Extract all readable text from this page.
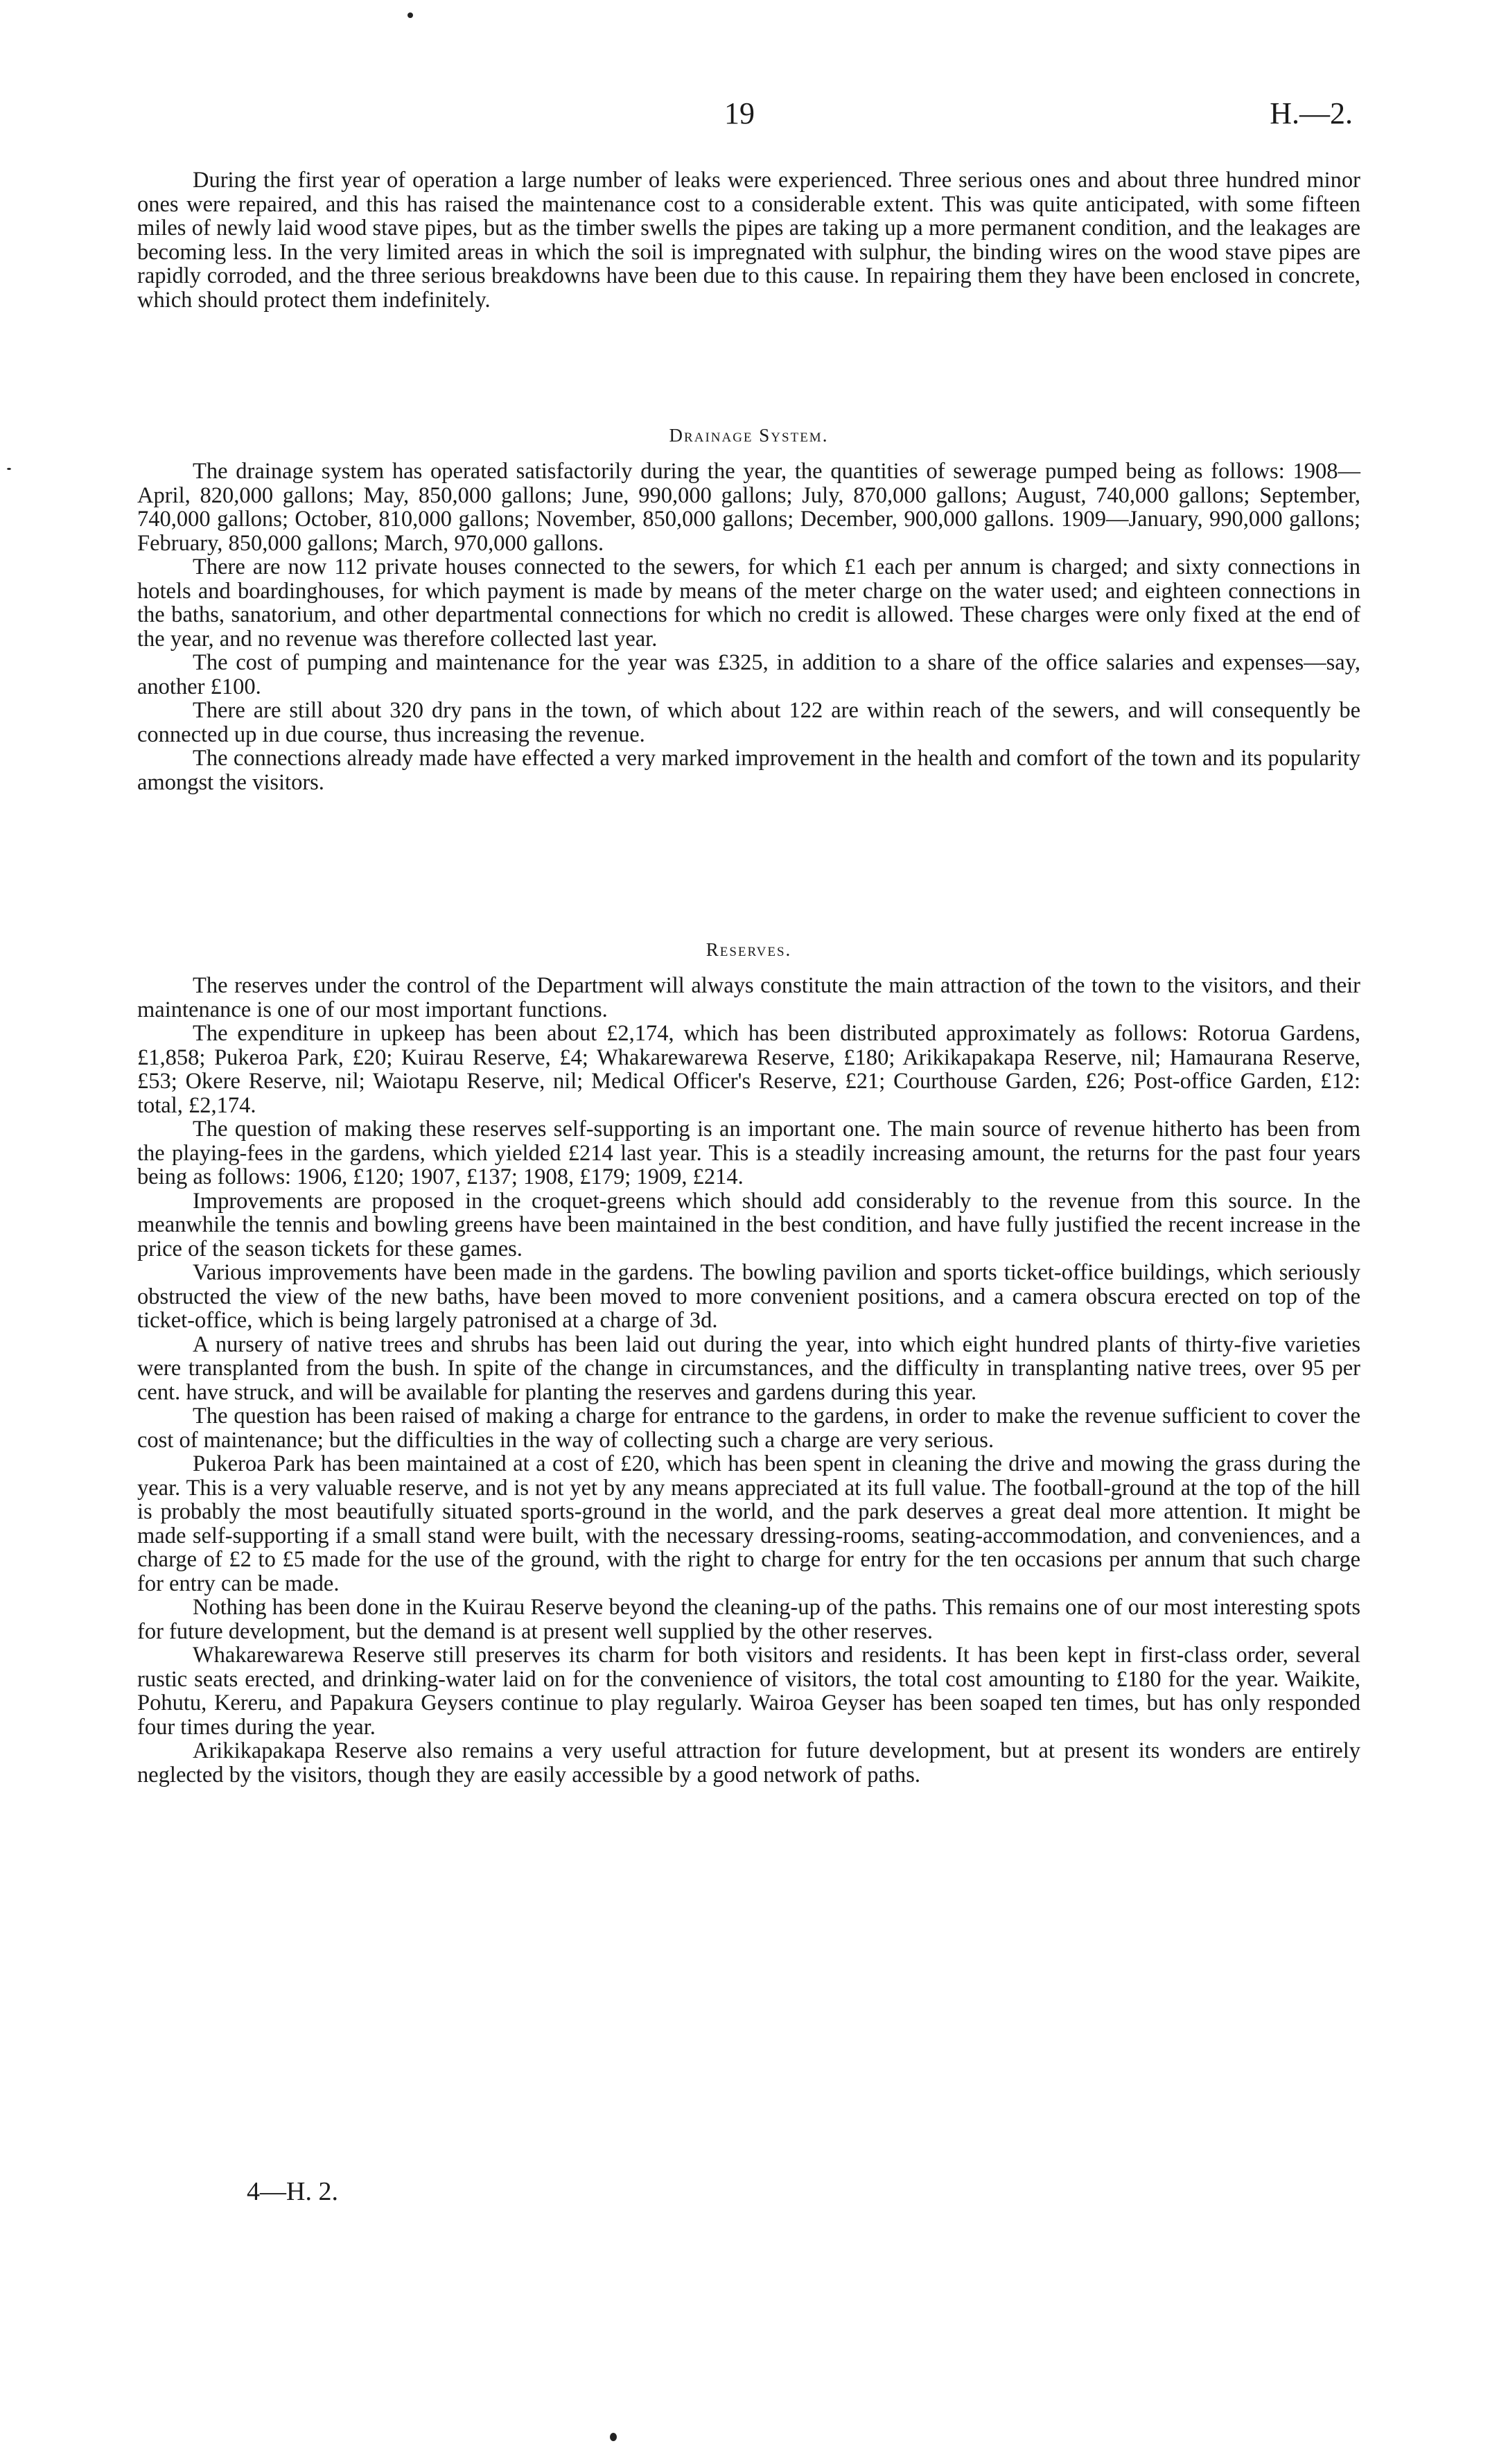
19	H.—2.

During the first year of operation a large number of leaks were experienced. Three serious ones and about three hundred minor ones were repaired, and this has raised the maintenance cost to a considerable extent. This was quite anticipated, with some fifteen miles of newly laid wood stave pipes, but as the timber swells the pipes are taking up a more permanent condition, and the leakages are becoming less. In the very limited areas in which the soil is impregnated with sulphur, the binding wires on the wood stave pipes are rapidly corroded, and the three serious breakdowns have been due to this cause. In repairing them they have been enclosed in concrete, which should protect them indefinitely.

Drainage System.

The drainage system has operated satisfactorily during the year, the quantities of sewerage pumped being as follows: 1908—April, 820,000 gallons; May, 850,000 gallons; June, 990,000 gallons; July, 870,000 gallons; August, 740,000 gallons; September, 740,000 gallons; October, 810,000 gallons; November, 850,000 gallons; December, 900,000 gallons. 1909—January, 990,000 gallons; February, 850,000 gallons; March, 970,000 gallons.

There are now 112 private houses connected to the sewers, for which £1 each per annum is charged; and sixty connections in hotels and boardinghouses, for which payment is made by means of the meter charge on the water used; and eighteen connections in the baths, sanatorium, and other departmental connections for which no credit is allowed. These charges were only fixed at the end of the year, and no revenue was therefore collected last year.

The cost of pumping and maintenance for the year was £325, in addition to a share of the office salaries and expenses—say, another £100.

There are still about 320 dry pans in the town, of which about 122 are within reach of the sewers, and will consequently be connected up in due course, thus increasing the revenue.

The connections already made have effected a very marked improvement in the health and comfort of the town and its popularity amongst the visitors.

Reserves.

The reserves under the control of the Department will always constitute the main attraction of the town to the visitors, and their maintenance is one of our most important functions.

The expenditure in upkeep has been about £2,174, which has been distributed approximately as follows: Rotorua Gardens, £1,858; Pukeroa Park, £20; Kuirau Reserve, £4; Whakarewarewa Reserve, £180; Arikikapakapa Reserve, nil; Hamaurana Reserve, £53; Okere Reserve, nil; Waiotapu Reserve, nil; Medical Officer's Reserve, £21; Courthouse Garden, £26; Post-office Garden, £12: total, £2,174.

The question of making these reserves self-supporting is an important one. The main source of revenue hitherto has been from the playing-fees in the gardens, which yielded £214 last year. This is a steadily increasing amount, the returns for the past four years being as follows: 1906, £120; 1907, £137; 1908, £179; 1909, £214.

Improvements are proposed in the croquet-greens which should add considerably to the revenue from this source. In the meanwhile the tennis and bowling greens have been maintained in the best condition, and have fully justified the recent increase in the price of the season tickets for these games.

Various improvements have been made in the gardens. The bowling pavilion and sports ticket-office buildings, which seriously obstructed the view of the new baths, have been moved to more convenient positions, and a camera obscura erected on top of the ticket-office, which is being largely patronised at a charge of 3d.

A nursery of native trees and shrubs has been laid out during the year, into which eight hundred plants of thirty-five varieties were transplanted from the bush. In spite of the change in circumstances, and the difficulty in transplanting native trees, over 95 per cent. have struck, and will be available for planting the reserves and gardens during this year.

The question has been raised of making a charge for entrance to the gardens, in order to make the revenue sufficient to cover the cost of maintenance; but the difficulties in the way of collecting such a charge are very serious.

Pukeroa Park has been maintained at a cost of £20, which has been spent in cleaning the drive and mowing the grass during the year. This is a very valuable reserve, and is not yet by any means appreciated at its full value. The football-ground at the top of the hill is probably the most beautifully situated sports-ground in the world, and the park deserves a great deal more attention. It might be made self-supporting if a small stand were built, with the necessary dressing-rooms, seating-accommodation, and conveniences, and a charge of £2 to £5 made for the use of the ground, with the right to charge for entry for the ten occasions per annum that such charge for entry can be made.

Nothing has been done in the Kuirau Reserve beyond the cleaning-up of the paths. This remains one of our most interesting spots for future development, but the demand is at present well supplied by the other reserves.

Whakarewarewa Reserve still preserves its charm for both visitors and residents. It has been kept in first-class order, several rustic seats erected, and drinking-water laid on for the convenience of visitors, the total cost amounting to £180 for the year. Waikite, Pohutu, Kereru, and Papakura Geysers continue to play regularly. Wairoa Geyser has been soaped ten times, but has only responded four times during the year.

Arikikapakapa Reserve also remains a very useful attraction for future development, but at present its wonders are entirely neglected by the visitors, though they are easily accessible by a good network of paths.

4—H. 2.
